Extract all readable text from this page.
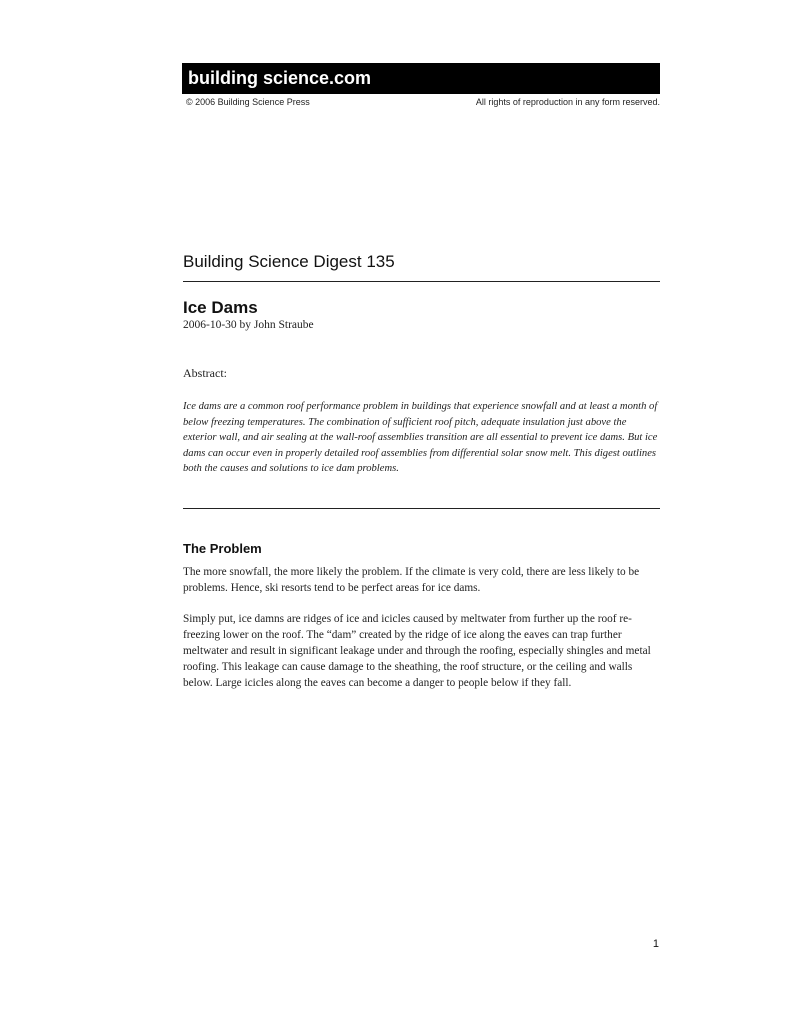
building science.com
© 2006 Building Science Press	All rights of reproduction in any form reserved.
Building Science Digest 135
Ice Dams
2006-10-30 by John Straube
Abstract:

Ice dams are a common roof performance problem in buildings that experience snowfall and at least a month of below freezing temperatures. The combination of sufficient roof pitch, adequate insulation just above the exterior wall, and air sealing at the wall-roof assemblies transition are all essential to prevent ice dams. But ice dams can occur even in properly detailed roof assemblies from differential solar snow melt. This digest outlines both the causes and solutions to ice dam problems.

The Problem

The more snowfall, the more likely the problem. If the climate is very cold, there are less likely to be problems. Hence, ski resorts tend to be perfect areas for ice dams.

Simply put, ice damns are ridges of ice and icicles caused by meltwater from further up the roof re-freezing lower on the roof. The “dam” created by the ridge of ice along the eaves can trap further meltwater and result in significant leakage under and through the roofing, especially shingles and metal roofing. This leakage can cause damage to the sheathing, the roof structure, or the ceiling and walls below. Large icicles along the eaves can become a danger to people below if they fall.

1
